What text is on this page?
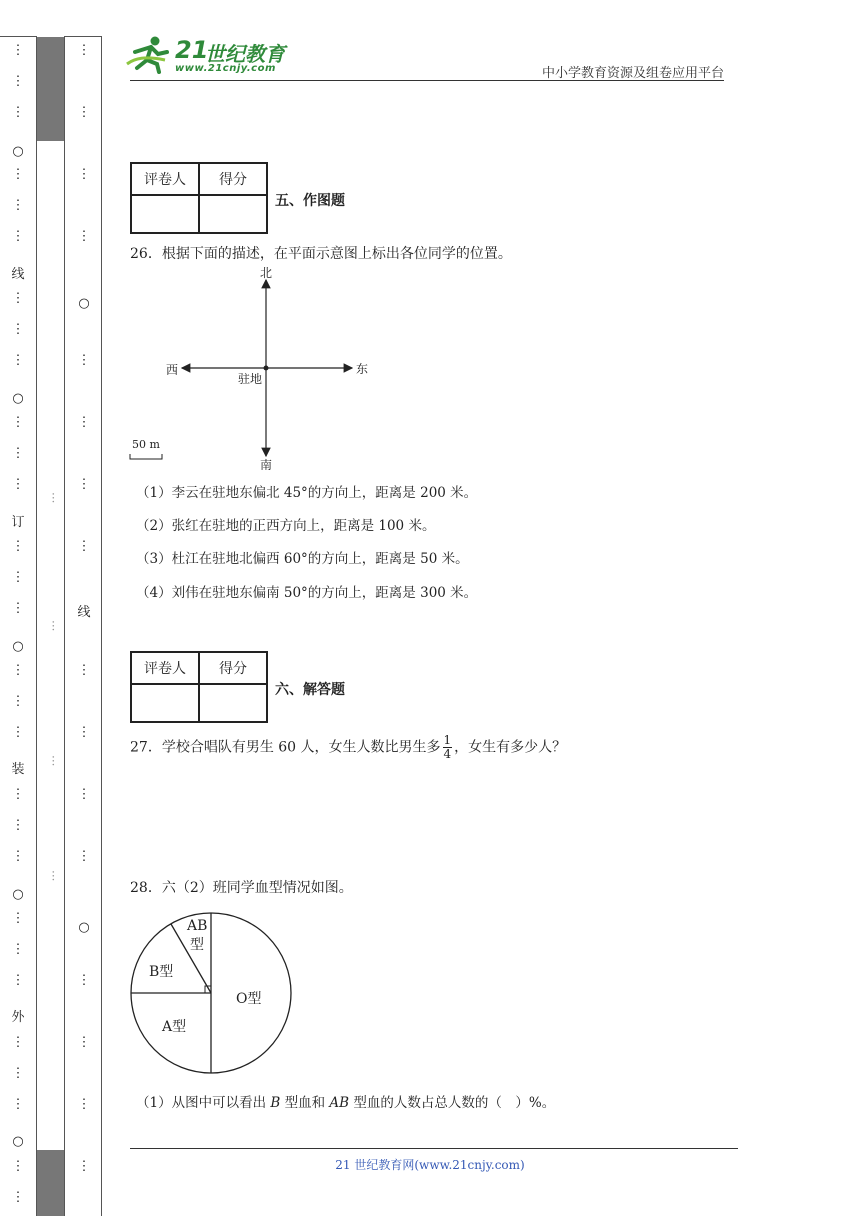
⋮
⋮
⋮
⋮
⋮
⋮
⋮
⋮
⋮
⋮
⋮
⋮
⋮
⋮
⋮
⋮
⋮
⋮
⋮
⋮
⋮
⋮
⋮
⋮
⋮
⋮
⋮
⋮
⋮
⋮
⋮
⋮
⋮
⋮
⋮
⋮
⋮
⋮
⋮
⋮
⋮
⋮
⋮
⋮
⋮
○
线
○
订
○
装
○
外
○
○
线
○
···
···
···
···
21
世纪教育
www.21cnjy.com	中小学教育资源及组卷应用平台
评卷人	得分

五、作图题
26．根据下面的描述，在平面示意图上标出各位同学的位置。
北
南
东
西
驻地
50 m
（1）李云在驻地东偏北 45°的方向上，距离是 200 米。
（2）张红在驻地的正西方向上，距离是 100 米。
（3）杜江在驻地北偏西 60°的方向上，距离是 50 米。
（4）刘伟在驻地东偏南 50°的方向上，距离是 300 米。
评卷人	得分

六、解答题
27．学校合唱队有男生 60 人，女生人数比男生多 $\frac{1}{4}$ ，女生有多少人？
28．六（2）班同学血型情况如图。
AB
型
B型
A型
O型
（1）从图中可以看出 B 型血和 AB 型血的人数占总人数的（　）%。
21 世纪教育网(www.21cnjy.com)
